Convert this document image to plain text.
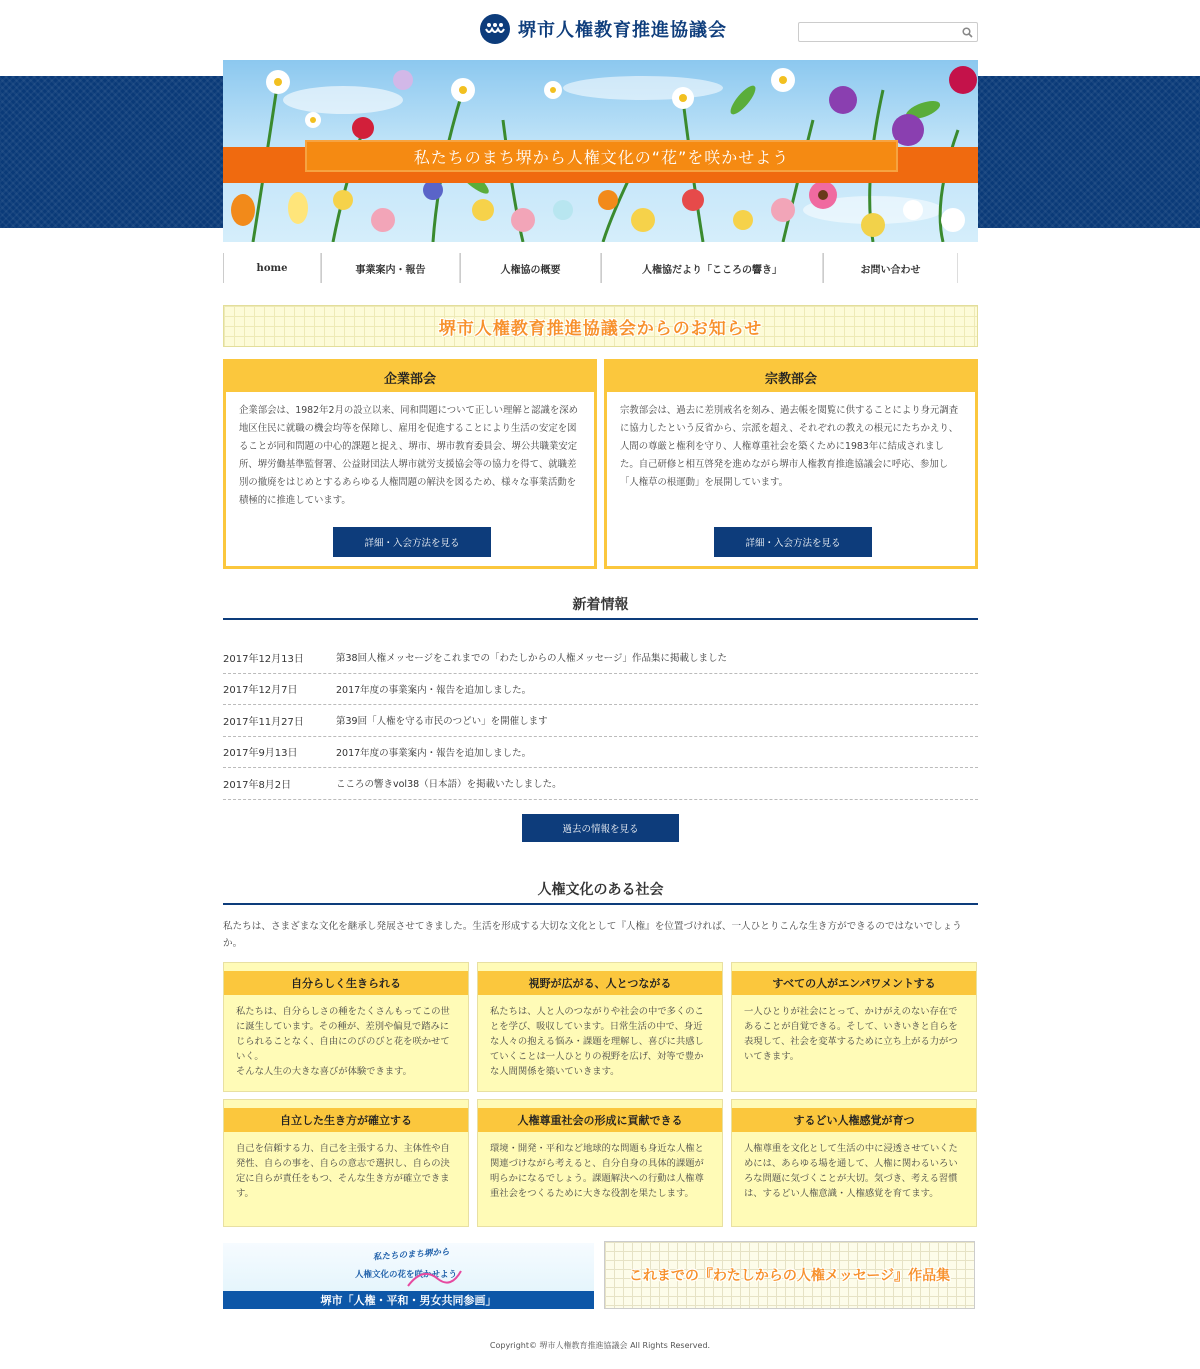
堺市人権教育推進協議会
私たちのまち堺から人権文化の“花”を咲かせよう
home	事業案内・報告	人権協の概要	人権協だより「こころの響き」	お問い合わせ
堺市人権教育推進協議会からのお知らせ
企業部会
企業部会は、1982年2月の設立以来、同和問題について正しい理解と認識を深め地区住民に就職の機会均等を保障し、雇用を促進することにより生活の安定を図ることが同和問題の中心的課題と捉え、堺市、堺市教育委員会、堺公共職業安定所、堺労働基準監督署、公益財団法人堺市就労支援協会等の協力を得て、就職差別の撤廃をはじめとするあらゆる人権問題の解決を図るため、様々な事業活動を積極的に推進しています。
詳細・入会方法を見る
宗教部会
宗教部会は、過去に差別戒名を刻み、過去帳を閲覧に供することにより身元調査に協力したという反省から、宗派を超え、それぞれの教えの根元にたちかえり、人間の尊厳と権利を守り、人権尊重社会を築くために1983年に結成されました。自己研修と相互啓発を進めながら堺市人権教育推進協議会に呼応、参加し「人権草の根運動」を展開しています。
詳細・入会方法を見る
新着情報
2017年12月13日	第38回人権メッセージをこれまでの「わたしからの人権メッセージ」作品集に掲載しました
2017年12月7日	2017年度の事業案内・報告を追加しました。
2017年11月27日	第39回「人権を守る市民のつどい」を開催します
2017年9月13日	2017年度の事業案内・報告を追加しました。
2017年8月2日	こころの響きvol38（日本語）を掲載いたしました。
過去の情報を見る
人権文化のある社会
私たちは、さまざまな文化を継承し発展させてきました。生活を形成する大切な文化として『人権』を位置づければ、一人ひとりこんな生き方ができるのではないでしょうか。
自分らしく生きられる
私たちは、自分らしさの種をたくさんもってこの世に誕生しています。その種が、差別や偏見で踏みにじられることなく、自由にのびのびと花を咲かせていく。
そんな人生の大きな喜びが体験できます。
視野が広がる、人とつながる
私たちは、人と人のつながりや社会の中で多くのことを学び、吸収しています。日常生活の中で、身近な人々の抱える悩み・課題を理解し、喜びに共感していくことは一人ひとりの視野を広げ、対等で豊かな人間関係を築いていきます。
すべての人がエンパワメントする
一人ひとりが社会にとって、かけがえのない存在であることが自覚できる。そして、いきいきと自らを表現して、社会を変革するために立ち上がる力がついてきます。
自立した生き方が確立する
自己を信頼する力、自己を主張する力、主体性や自発性、自らの事を、自らの意志で選択し、自らの決定に自らが責任をもつ、そんな生き方が確立できます。
人権尊重社会の形成に貢献できる
環境・開発・平和など地球的な問題も身近な人権と関連づけながら考えると、自分自身の具体的課題が明らかになるでしょう。課題解決への行動は人権尊重社会をつくるために大きな役割を果たします。
するどい人権感覚が育つ
人権尊重を文化として生活の中に浸透させていくためには、あらゆる場を通して、人権に関わるいろいろな問題に気づくことが大切。気づき、考える習慣は、するどい人権意識・人権感覚を育てます。
私たちのまち堺から
人権文化の花を咲かせよう
堺市「人権・平和・男女共同参画」
これまでの『わたしからの人権メッセージ』作品集
Copyright© 堺市人権教育推進協議会 All Rights Reserved.
